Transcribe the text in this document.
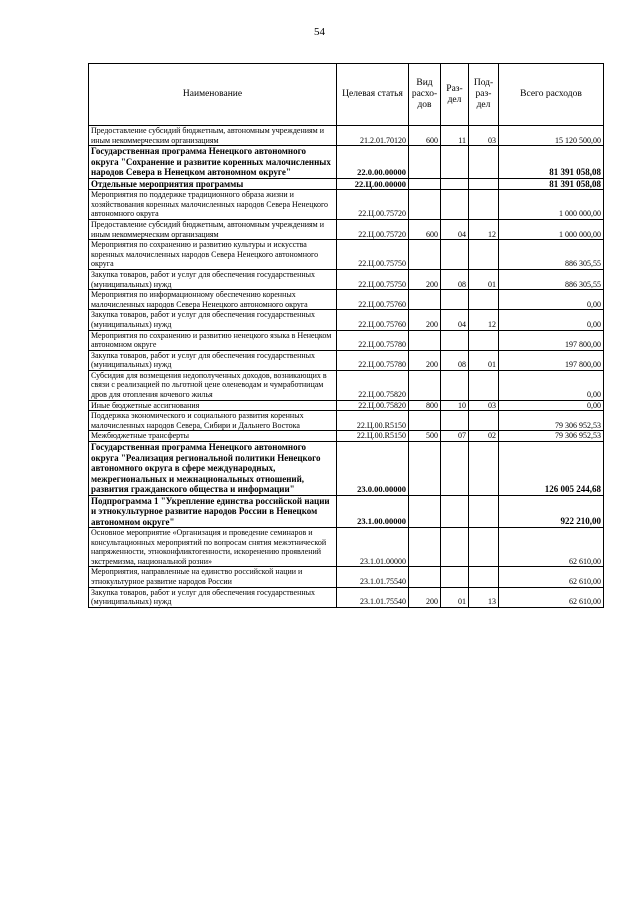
54
Наименование	Целевая статья	Вид расхо-дов	Раз-дел	Под-раз-дел	Всего расходов
Предоставление субсидий бюджетным, автономным учреждениям и иным некоммерческим организациям	21.2.01.70120	600	11	03	15 120 500,00
Государственная программа Ненецкого автономного округа "Сохранение и развитие коренных малочисленных народов Севера в Ненецком автономном округе"	22.0.00.00000				81 391 058,08
Отдельные мероприятия программы	22.Ц.00.00000				81 391 058,08
Мероприятия по поддержке традиционного образа жизни и хозяйствования коренных малочисленных народов Севера Ненецкого автономного округа	22.Ц.00.75720				1 000 000,00
Предоставление субсидий бюджетным, автономным учреждениям и иным некоммерческим организациям	22.Ц.00.75720	600	04	12	1 000 000,00
Мероприятия по сохранению и развитию культуры и искусства коренных малочисленных народов Севера Ненецкого автономного округа	22.Ц.00.75750				886 305,55
Закупка товаров, работ и услуг для обеспечения государственных (муниципальных) нужд	22.Ц.00.75750	200	08	01	886 305,55
Мероприятия по информационному обеспечению коренных малочисленных народов Севера Ненецкого автономного округа	22.Ц.00.75760				0,00
Закупка товаров, работ и услуг для обеспечения государственных (муниципальных) нужд	22.Ц.00.75760	200	04	12	0,00
Мероприятия по сохранению и развитию ненецкого языка в Ненецком автономном округе	22.Ц.00.75780				197 800,00
Закупка товаров, работ и услуг для обеспечения государственных (муниципальных) нужд	22.Ц.00.75780	200	08	01	197 800,00
Субсидия для возмещения недополученных доходов, возникающих в связи с реализацией по льготной цене оленеводам и чумработницам дров для отопления кочевого жилья	22.Ц.00.75820				0,00
Иные бюджетные ассигнования	22.Ц.00.75820	800	10	03	0,00
Поддержка экономического и социального развития коренных малочисленных народов Севера, Сибири и Дальнего Востока	22.Ц.00.R5150				79 306 952,53
Межбюджетные трансферты	22.Ц.00.R5150	500	07	02	79 306 952,53
Государственная программа Ненецкого автономного округа "Реализация региональной политики Ненецкого автономного округа в сфере международных, межрегиональных и межнациональных отношений, развития гражданского общества и информации"	23.0.00.00000				126 005 244,68
Подпрограмма 1 "Укрепление единства российской нации и этнокультурное развитие народов России в Ненецком автономном округе"	23.1.00.00000				922 210,00
Основное мероприятие «Организация и проведение семинаров и консультационных мероприятий по вопросам снятия межэтнической напряженности, этноконфликтогенности, искоренению проявлений экстремизма, национальной розни»	23.1.01.00000				62 610,00
Мероприятия, направленные на единство российской нации и этнокультурное развитие народов России	23.1.01.75540				62 610,00
Закупка товаров, работ и услуг для обеспечения государственных (муниципальных) нужд	23.1.01.75540	200	01	13	62 610,00
